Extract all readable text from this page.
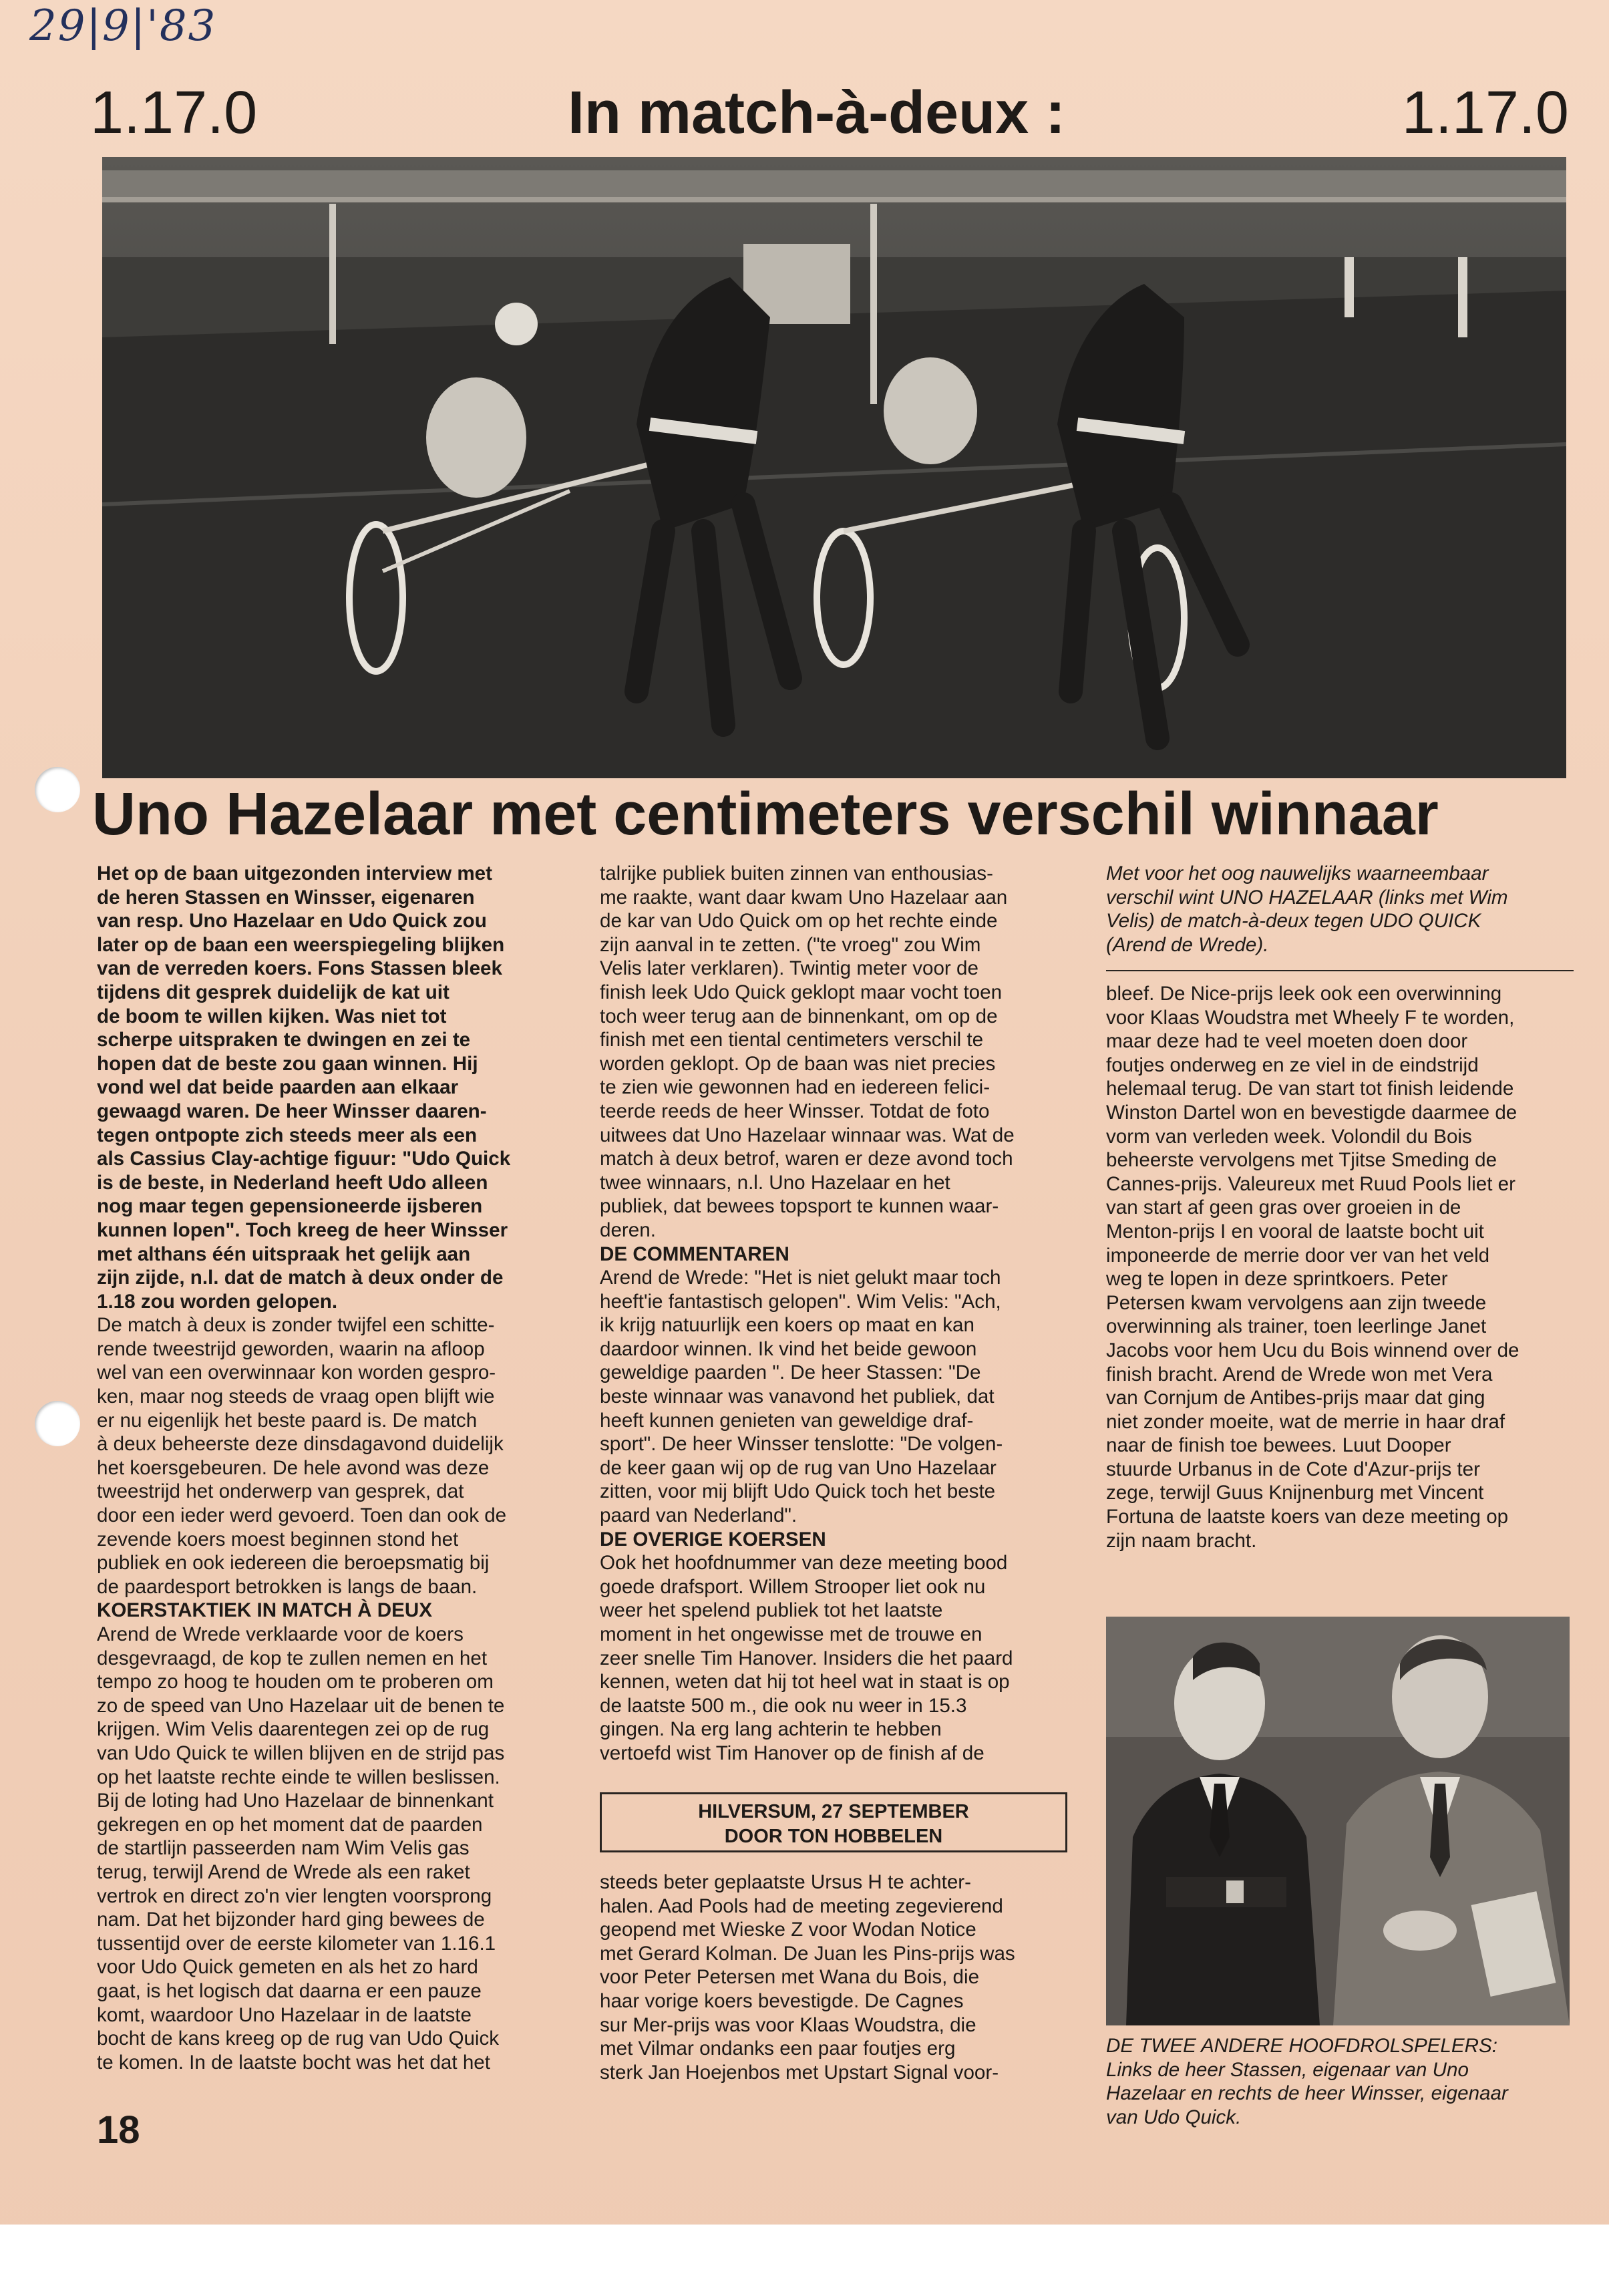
29|9|'83
1.17.0	In match-à-deux :	1.17.0
Uno Hazelaar met centimeters verschil winnaar

Het op de baan uitgezonden interview met

de heren Stassen en Winsser, eigenaren

van resp. Uno Hazelaar en Udo Quick zou

later op de baan een weerspiegeling blijken

van de verreden koers. Fons Stassen bleek

tijdens dit gesprek duidelijk de kat uit

de boom te willen kijken. Was niet tot

scherpe uitspraken te dwingen en zei te

hopen dat de beste zou gaan winnen. Hij

vond wel dat beide paarden aan elkaar

gewaagd waren. De heer Winsser daaren-

tegen ontpopte zich steeds meer als een

als Cassius Clay-achtige figuur: "Udo Quick

is de beste, in Nederland heeft Udo alleen

nog maar tegen gepensioneerde ijsberen

kunnen lopen". Toch kreeg de heer Winsser

met althans één uitspraak het gelijk aan

zijn zijde, n.l. dat de match à deux onder de

1.18 zou worden gelopen.

De match à deux is zonder twijfel een schitte-

rende tweestrijd geworden, waarin na afloop

wel van een overwinnaar kon worden gespro-

ken, maar nog steeds de vraag open blijft wie

er nu eigenlijk het beste paard is. De match

à deux beheerste deze dinsdagavond duidelijk

het koersgebeuren. De hele avond was deze

tweestrijd het onderwerp van gesprek, dat

door een ieder werd gevoerd. Toen dan ook de

zevende koers moest beginnen stond het

publiek en ook iedereen die beroepsmatig bij

de paardesport betrokken is langs de baan.

KOERSTAKTIEK IN MATCH À DEUX

Arend de Wrede verklaarde voor de koers

desgevraagd, de kop te zullen nemen en het

tempo zo hoog te houden om te proberen om

zo de speed van Uno Hazelaar uit de benen te

krijgen. Wim Velis daarentegen zei op de rug

van Udo Quick te willen blijven en de strijd pas

op het laatste rechte einde te willen beslissen.

Bij de loting had Uno Hazelaar de binnenkant

gekregen en op het moment dat de paarden

de startlijn passeerden nam Wim Velis gas

terug, terwijl Arend de Wrede als een raket

vertrok en direct zo'n vier lengten voorsprong

nam. Dat het bijzonder hard ging bewees de

tussentijd over de eerste kilometer van 1.16.1

voor Udo Quick gemeten en als het zo hard

gaat, is het logisch dat daarna er een pauze

komt, waardoor Uno Hazelaar in de laatste

bocht de kans kreeg op de rug van Udo Quick

te komen. In de laatste bocht was het dat het

talrijke publiek buiten zinnen van enthousias-

me raakte, want daar kwam Uno Hazelaar aan

de kar van Udo Quick om op het rechte einde

zijn aanval in te zetten. ("te vroeg" zou Wim

Velis later verklaren). Twintig meter voor de

finish leek Udo Quick geklopt maar vocht toen

toch weer terug aan de binnenkant, om op de

finish met een tiental centimeters verschil te

worden geklopt. Op de baan was niet precies

te zien wie gewonnen had en iedereen felici-

teerde reeds de heer Winsser. Totdat de foto

uitwees dat Uno Hazelaar winnaar was. Wat de

match à deux betrof, waren er deze avond toch

twee winnaars, n.l. Uno Hazelaar en het

publiek, dat bewees topsport te kunnen waar-

deren.

DE COMMENTAREN

Arend de Wrede: "Het is niet gelukt maar toch

heeft'ie fantastisch gelopen". Wim Velis: "Ach,

ik krijg natuurlijk een koers op maat en kan

daardoor winnen. Ik vind het beide gewoon

geweldige paarden ". De heer Stassen: "De

beste winnaar was vanavond het publiek, dat

heeft kunnen genieten van geweldige draf-

sport". De heer Winsser tenslotte: "De volgen-

de keer gaan wij op de rug van Uno Hazelaar

zitten, voor mij blijft Udo Quick toch het beste

paard van Nederland".

DE OVERIGE KOERSEN

Ook het hoofdnummer van deze meeting bood

goede drafsport. Willem Strooper liet ook nu

weer het spelend publiek tot het laatste

moment in het ongewisse met de trouwe en

zeer snelle Tim Hanover. Insiders die het paard

kennen, weten dat hij tot heel wat in staat is op

de laatste 500 m., die ook nu weer in 15.3

gingen. Na erg lang achterin te hebben

vertoefd wist Tim Hanover op de finish af de

HILVERSUM, 27 SEPTEMBER
DOOR TON HOBBELEN

steeds beter geplaatste Ursus H te achter-

halen. Aad Pools had de meeting zegevierend

geopend met Wieske Z voor Wodan Notice

met Gerard Kolman. De Juan les Pins-prijs was

voor Peter Petersen met Wana du Bois, die

haar vorige koers bevestigde. De Cagnes

sur Mer-prijs was voor Klaas Woudstra, die

met Vilmar ondanks een paar foutjes erg

sterk Jan Hoejenbos met Upstart Signal voor-

Met voor het oog nauwelijks waarneembaar

verschil wint UNO HAZELAAR (links met Wim

Velis) de match-à-deux tegen UDO QUICK

(Arend de Wrede).

bleef. De Nice-prijs leek ook een overwinning

voor Klaas Woudstra met Wheely F te worden,

maar deze had te veel moeten doen door

foutjes onderweg en ze viel in de eindstrijd

helemaal terug. De van start tot finish leidende

Winston Dartel won en bevestigde daarmee de

vorm van verleden week. Volondil du Bois

beheerste vervolgens met Tjitse Smeding de

Cannes-prijs. Valeureux met Ruud Pools liet er

van start af geen gras over groeien in de

Menton-prijs I en vooral de laatste bocht uit

imponeerde de merrie door ver van het veld

weg te lopen in deze sprintkoers. Peter

Petersen kwam vervolgens aan zijn tweede

overwinning als trainer, toen leerlinge Janet

Jacobs voor hem Ucu du Bois winnend over de

finish bracht. Arend de Wrede won met Vera

van Cornjum de Antibes-prijs maar dat ging

niet zonder moeite, wat de merrie in haar draf

naar de finish toe bewees. Luut Dooper

stuurde Urbanus in de Cote d'Azur-prijs ter

zege, terwijl Guus Knijnenburg met Vincent

Fortuna de laatste koers van deze meeting op

zijn naam bracht.

DE TWEE ANDERE HOOFDROLSPELERS:

Links de heer Stassen, eigenaar van Uno

Hazelaar en rechts de heer Winsser, eigenaar

van Udo Quick.

18
